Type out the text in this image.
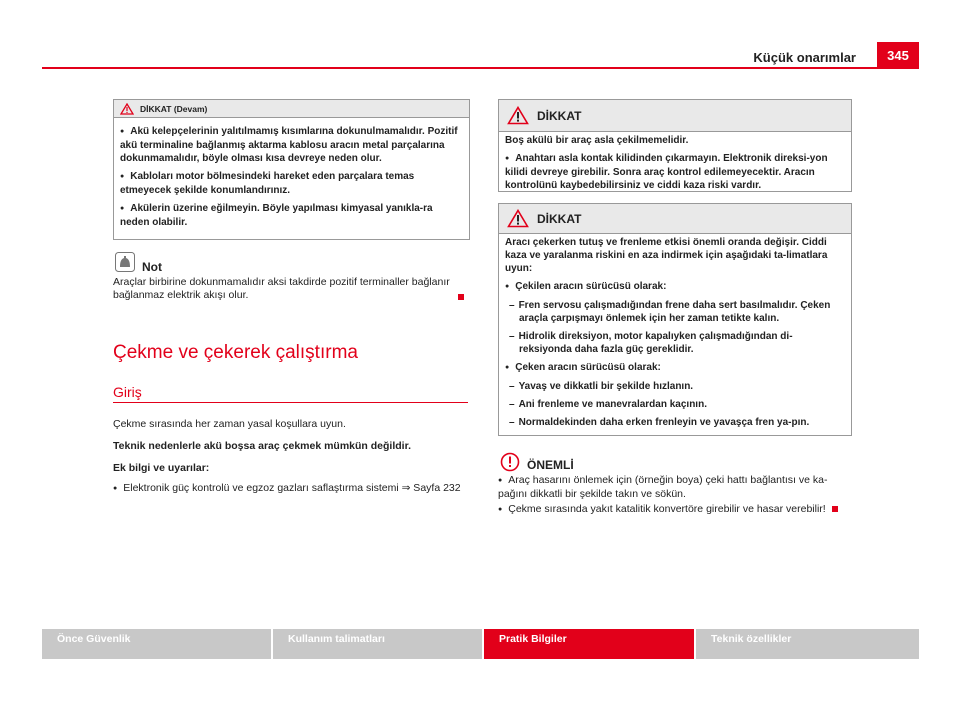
Küçük onarımlar	345
DİKKAT (Devam)

● Akü kelepçelerinin yalıtılmamış kısımlarına dokunulmamalıdır. Pozitif akü terminaline bağlanmış aktarma kablosu aracın metal parçalarına dokunmamalıdır, böyle olması kısa devreye neden olur.

● Kabloları motor bölmesindeki hareket eden parçalara temas etmeyecek şekilde konumlandırınız.

● Akülerin üzerine eğilmeyin. Böyle yapılması kimyasal yanıkla-ra neden olabilir.

Not
Araçlar birbirine dokunmamalıdır aksi takdirde pozitif terminaller bağlanır bağlanmaz elektrik akışı olur.
Çekme ve çekerek çalıştırma
Giriş
Çekme sırasında her zaman yasal koşullara uyun.
Teknik nedenlerle akü boşsa araç çekmek mümkün değildir.
Ek bilgi ve uyarılar:
● Elektronik güç kontrolü ve egzoz gazları saflaştırma sistemi ⇒ Sayfa 232
DİKKAT

Boş akülü bir araç asla çekilmemelidir.

● Anahtarı asla kontak kilidinden çıkarmayın. Elektronik direksi-yon kilidi devreye girebilir. Sonra araç kontrol edilemeyecektir. Aracın kontrolünü kaybedebilirsiniz ve ciddi kaza riski vardır.

DİKKAT

Aracı çekerken tutuş ve frenleme etkisi önemli oranda değişir. Ciddi kaza ve yaralanma riskini en aza indirmek için aşağıdaki ta-limatlara uyun:

● Çekilen aracın sürücüsü olarak:

– Fren servosu çalışmadığından frene daha sert basılmalıdır. Çeken araçla çarpışmayı önlemek için her zaman tetikte kalın.

– Hidrolik direksiyon, motor kapalıyken çalışmadığından di-reksiyonda daha fazla güç gereklidir.

● Çeken aracın sürücüsü olarak:

– Yavaş ve dikkatli bir şekilde hızlanın.

– Ani frenleme ve manevralardan kaçının.

– Normaldekinden daha erken frenleyin ve yavaşça fren ya-pın.

ÖNEMLİ
● Araç hasarını önlemek için (örneğin boya) çeki hattı bağlantısı ve ka-pağını dikkatli bir şekilde takın ve sökün.
● Çekme sırasında yakıt katalitik konvertöre girebilir ve hasar verebilir!
Önce Güvenlik	Kullanım talimatları	Pratik Bilgiler	Teknik özellikler
